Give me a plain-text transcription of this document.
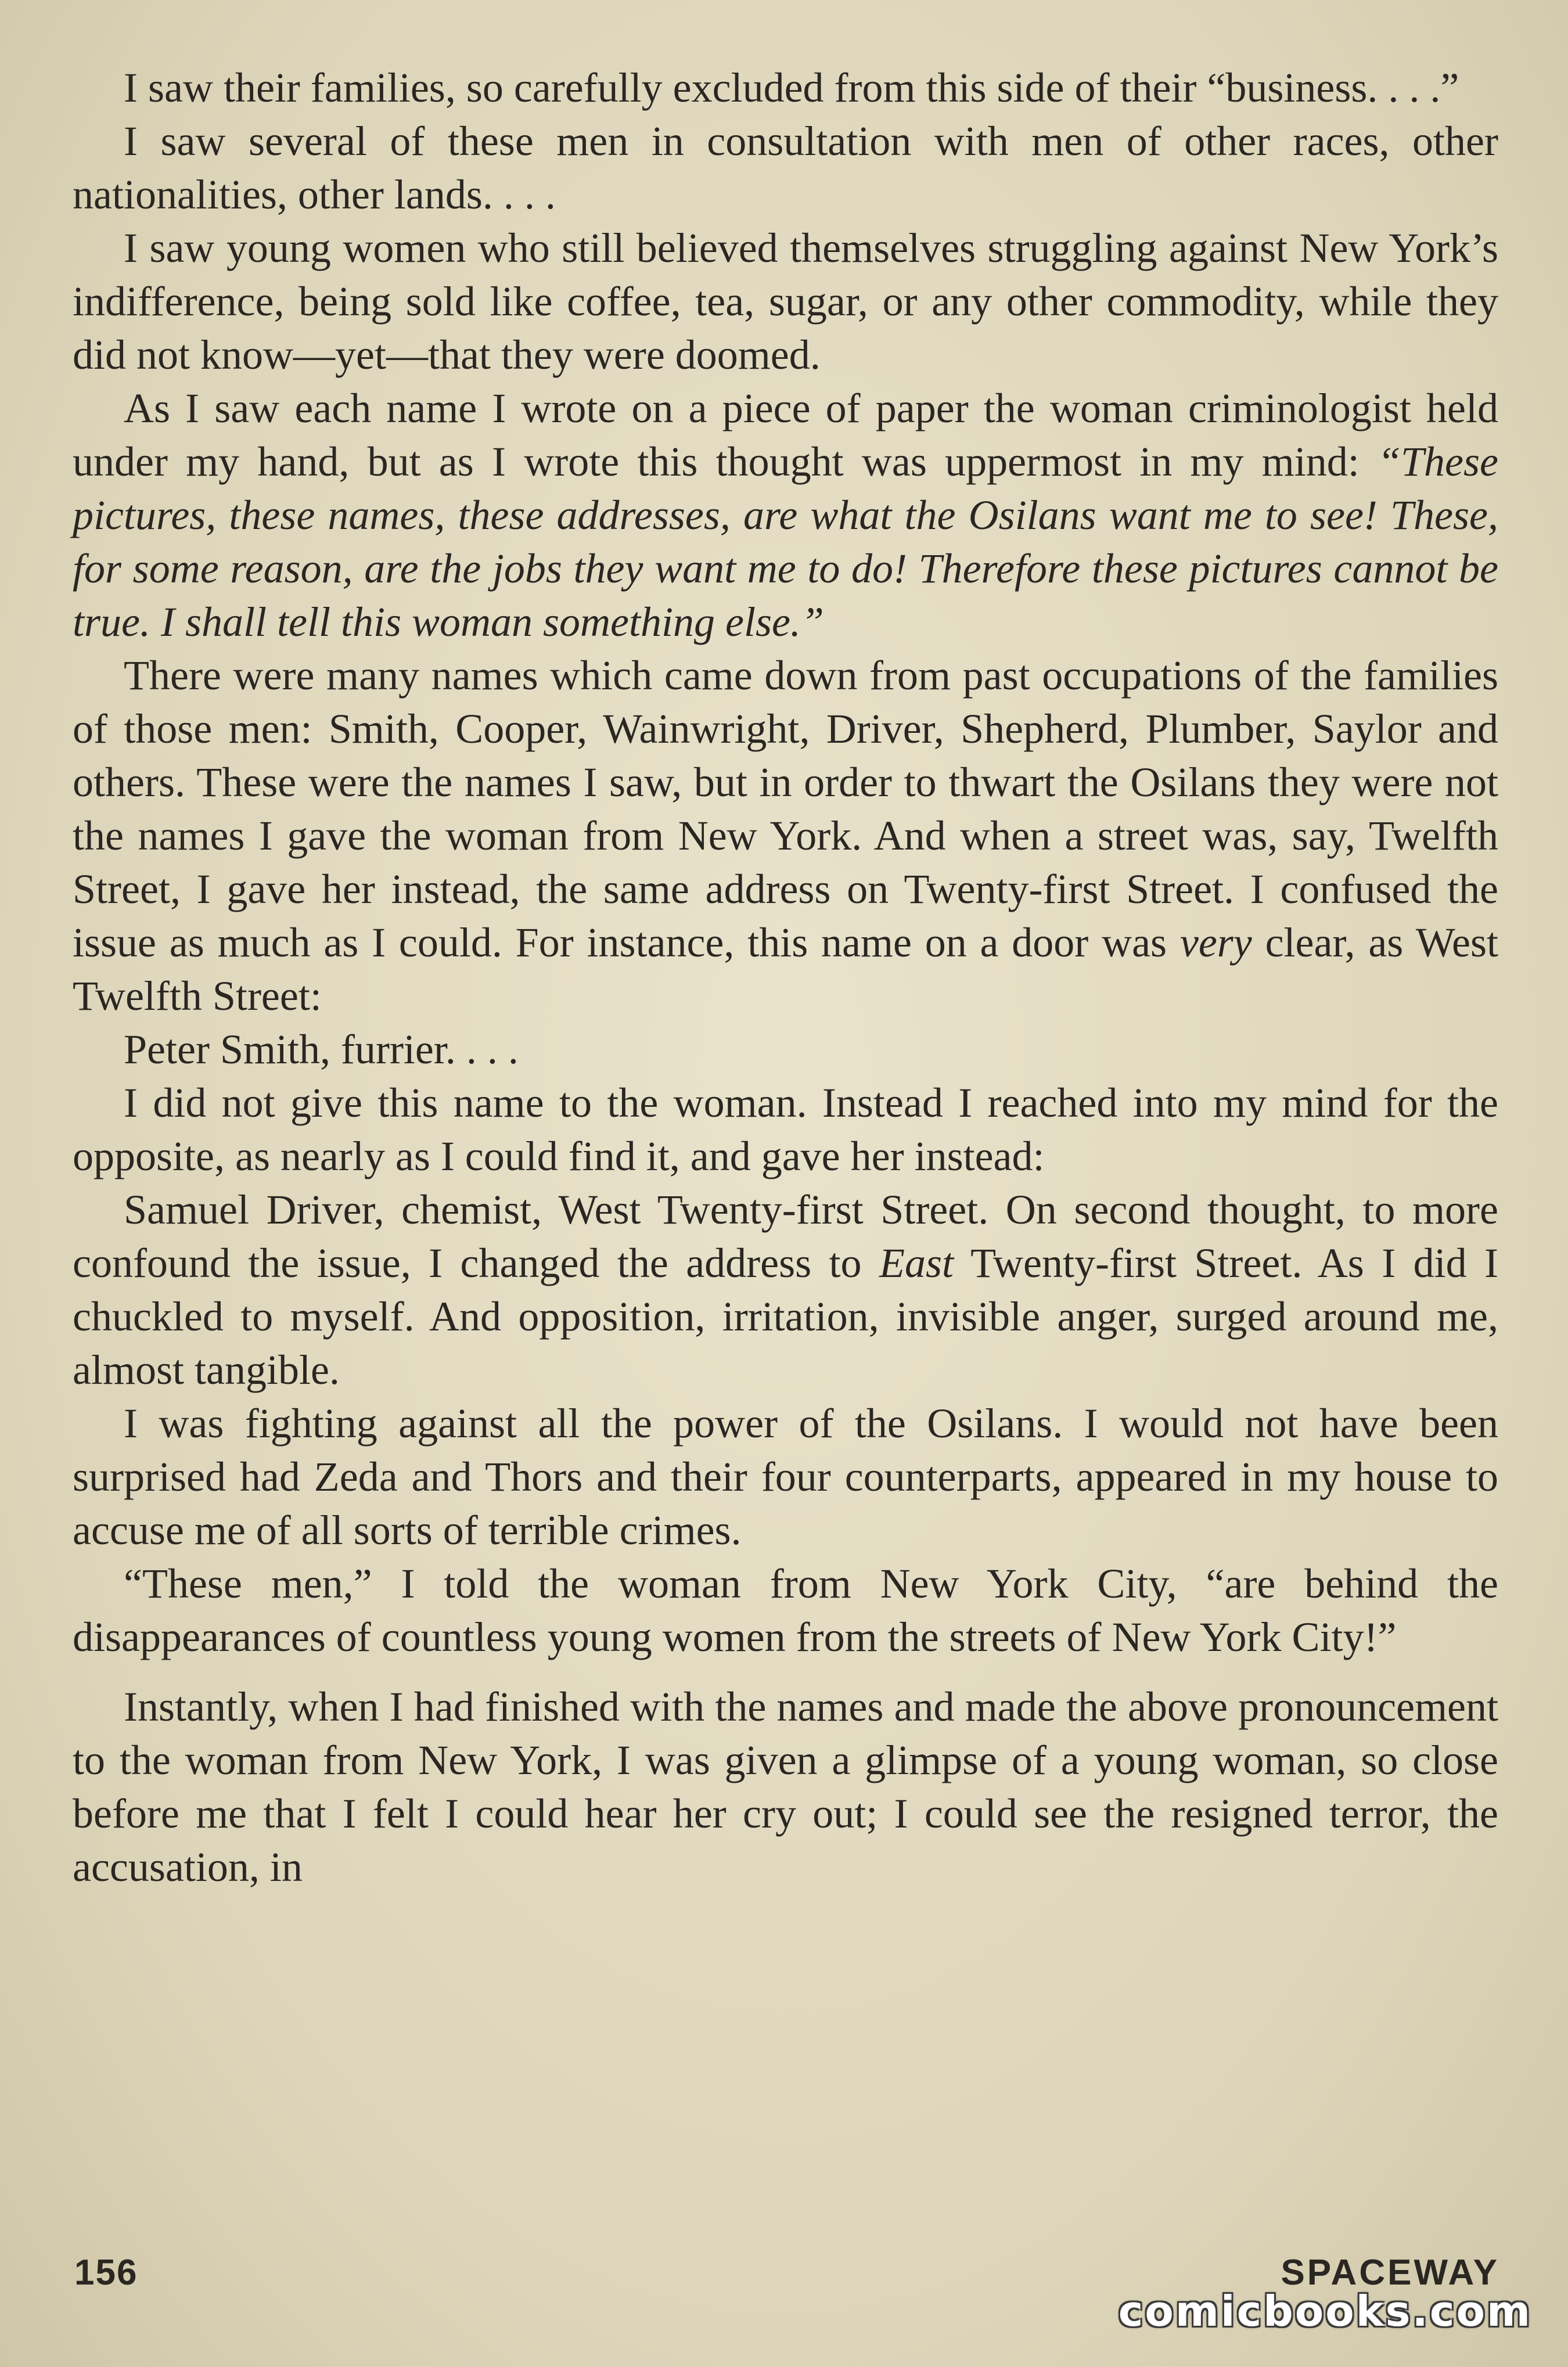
I saw their families, so carefully excluded from this side of their “business. . . .”

I saw several of these men in consultation with men of other races, other nationalities, other lands. . . .

I saw young women who still believed themselves struggling against New York’s indifference, being sold like coffee, tea, sugar, or any other commodity, while they did not know—yet—that they were doomed.

As I saw each name I wrote on a piece of paper the woman criminologist held under my hand, but as I wrote this thought was uppermost in my mind: “These pictures, these names, these addresses, are what the Osilans want me to see! These, for some reason, are the jobs they want me to do! Therefore these pictures cannot be true. I shall tell this woman something else.”

There were many names which came down from past occupations of the families of those men: Smith, Cooper, Wainwright, Driver, Shepherd, Plumber, Saylor and others. These were the names I saw, but in order to thwart the Osilans they were not the names I gave the woman from New York. And when a street was, say, Twelfth Street, I gave her instead, the same address on Twenty-first Street. I confused the issue as much as I could. For instance, this name on a door was very clear, as West Twelfth Street:

Peter Smith, furrier. . . .

I did not give this name to the woman. Instead I reached into my mind for the opposite, as nearly as I could find it, and gave her instead:

Samuel Driver, chemist, West Twenty-first Street. On second thought, to more confound the issue, I changed the address to East Twenty-first Street. As I did I chuckled to myself. And opposition, irritation, invisible anger, surged around me, almost tangible.

I was fighting against all the power of the Osilans. I would not have been surprised had Zeda and Thors and their four counterparts, appeared in my house to accuse me of all sorts of terrible crimes.

“These men,” I told the woman from New York City, “are behind the disappearances of countless young women from the streets of New York City!”

Instantly, when I had finished with the names and made the above pronouncement to the woman from New York, I was given a glimpse of a young woman, so close before me that I felt I could hear her cry out; I could see the resigned terror, the accusation, in

156	SPACEWAY
comicbooks.com
